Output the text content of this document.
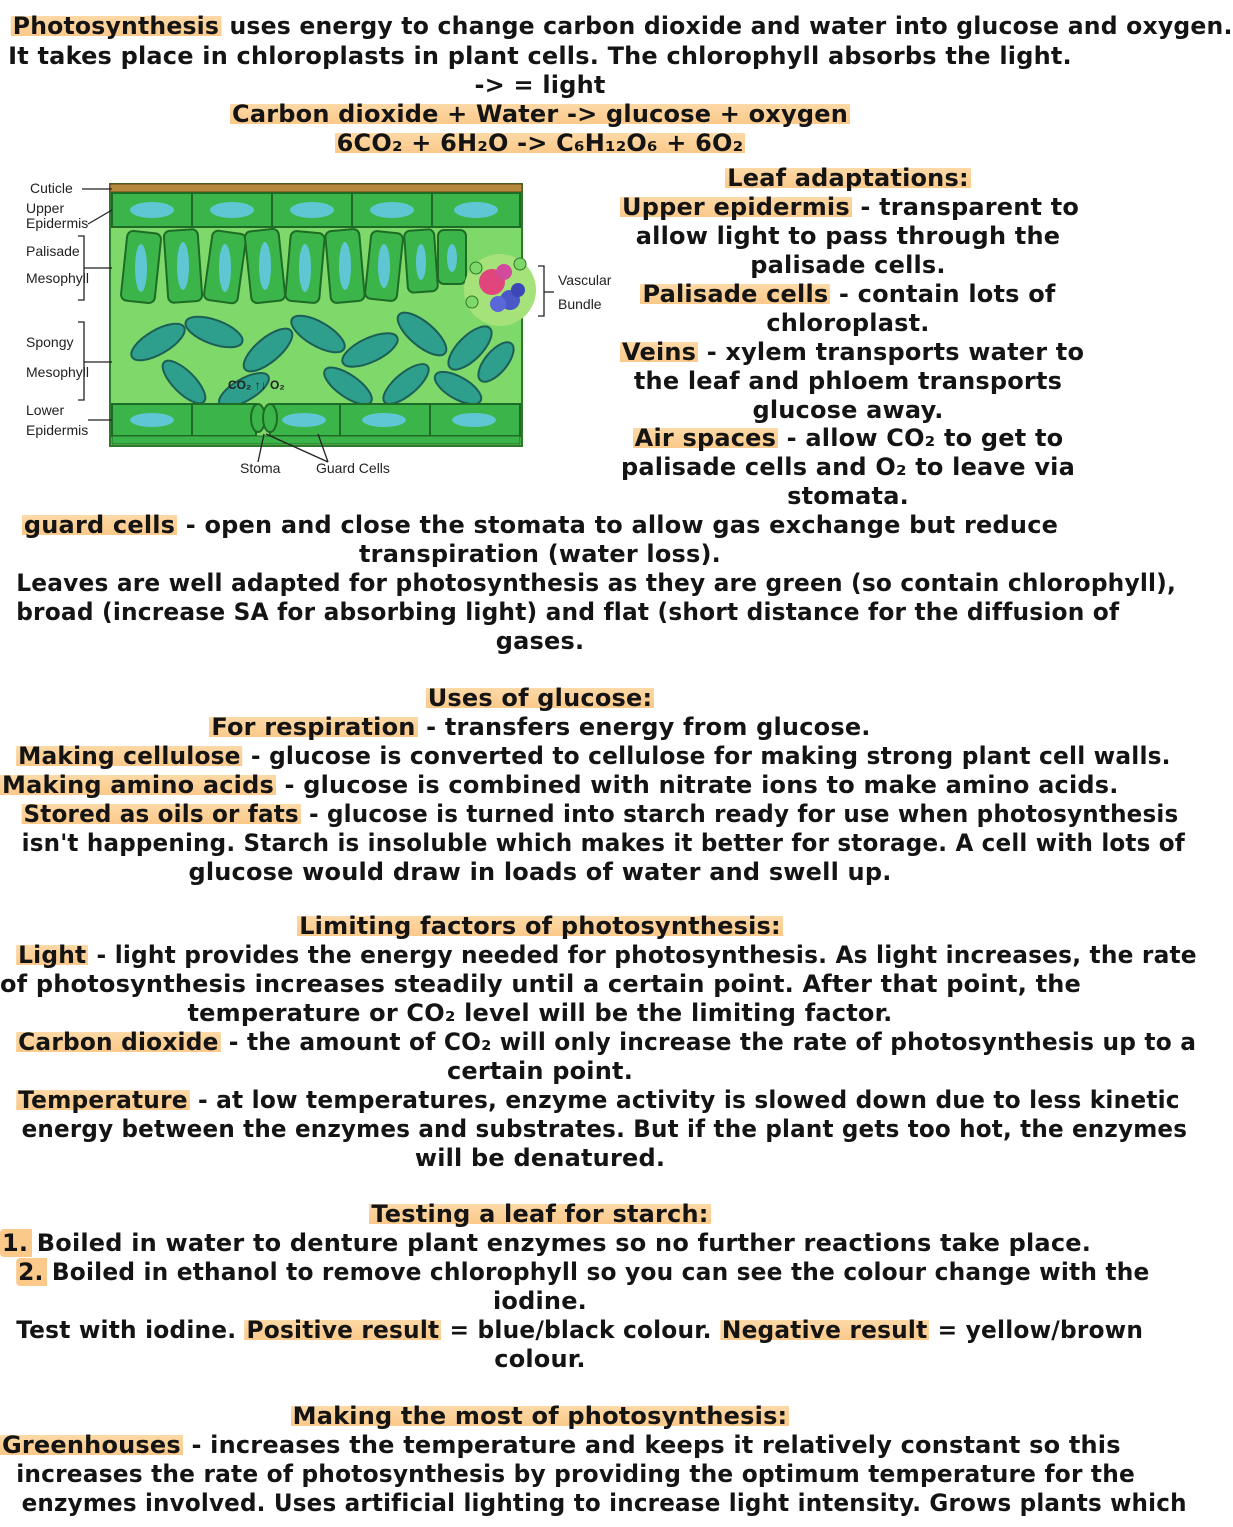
Photosynthesis uses energy to change carbon dioxide and water into glucose and oxygen.
It takes place in chloroplasts in plant cells. The chlorophyll absorbs the light.
-> = light
Carbon dioxide + Water -> glucose + oxygen
6CO₂ + 6H₂O -> C₆H₁₂O₆ + 6O₂
Cuticle
Upper
Epidermis
Palisade
Mesophyll
Spongy
Mesophyll
Lower
Epidermis
Vascular
Bundle
CO₂ ↑↓ O₂
Stoma	Guard Cells
Leaf adaptations:
Upper epidermis - transparent to
allow light to pass through the
palisade cells.
Palisade cells - contain lots of
chloroplast.
Veins - xylem transports water to
the leaf and phloem transports
glucose away.
Air spaces - allow CO₂ to get to
palisade cells and O₂ to leave via
stomata.
guard cells - open and close the stomata to allow gas exchange but reduce
transpiration (water loss).
Leaves are well adapted for photosynthesis as they are green (so contain chlorophyll),
broad (increase SA for absorbing light) and flat (short distance for the diffusion of
gases.
Uses of glucose:
For respiration - transfers energy from glucose.
Making cellulose - glucose is converted to cellulose for making strong plant cell walls.
Making amino acids - glucose is combined with nitrate ions to make amino acids.
Stored as oils or fats - glucose is turned into starch ready for use when photosynthesis
isn't happening. Starch is insoluble which makes it better for storage. A cell with lots of
glucose would draw in loads of water and swell up.
Limiting factors of photosynthesis:
Light - light provides the energy needed for photosynthesis. As light increases, the rate
of photosynthesis increases steadily until a certain point. After that point, the
temperature or CO₂ level will be the limiting factor.
Carbon dioxide - the amount of CO₂ will only increase the rate of photosynthesis up to a
certain point.
Temperature - at low temperatures, enzyme activity is slowed down due to less kinetic
energy between the enzymes and substrates. But if the plant gets too hot, the enzymes
will be denatured.
Testing a leaf for starch:
1. Boiled in water to denture plant enzymes so no further reactions take place.
2. Boiled in ethanol to remove chlorophyll so you can see the colour change with the
iodine.
Test with iodine. Positive result = blue/black colour. Negative result = yellow/brown
colour.
Making the most of photosynthesis:
Greenhouses - increases the temperature and keeps it relatively constant so this
increases the rate of photosynthesis by providing the optimum temperature for the
enzymes involved. Uses artificial lighting to increase light intensity. Grows plants which
